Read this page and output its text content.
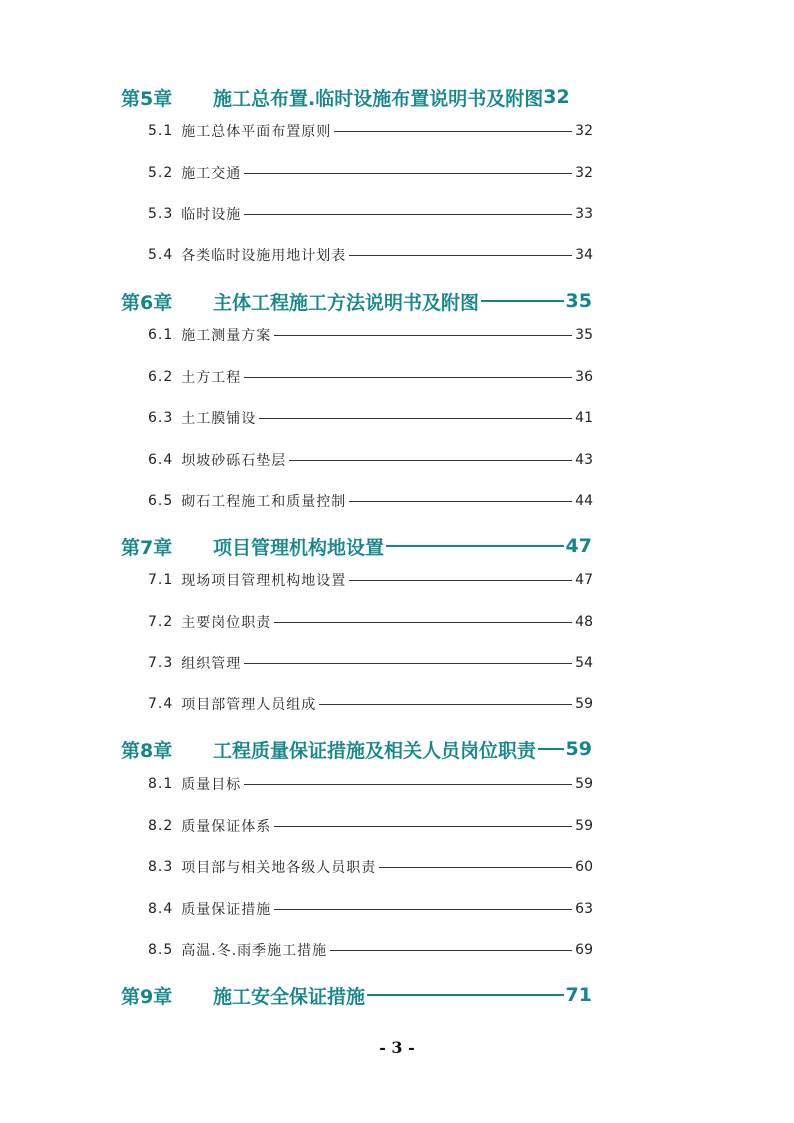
第5章	施工总布置.临时设施布置说明书及附图 32
5.1 施工总体平面布置原则	32
5.2 施工交通	32
5.3 临时设施	33
5.4 各类临时设施用地计划表	34
第6章	主体工程施工方法说明书及附图	35
6.1 施工测量方案	35
6.2 土方工程	36
6.3 土工膜铺设	41
6.4 坝坡砂砾石垫层	43
6.5 砌石工程施工和质量控制	44
第7章	项目管理机构地设置	47
7.1 现场项目管理机构地设置	47
7.2 主要岗位职责	48
7.3 组织管理	54
7.4 项目部管理人员组成	59
第8章	工程质量保证措施及相关人员岗位职责 59
8.1 质量目标	59
8.2 质量保证体系	59
8.3 项目部与相关地各级人员职责	60
8.4 质量保证措施	63
8.5 高温.冬.雨季施工措施	69
第9章	施工安全保证措施	71
- 3 -
